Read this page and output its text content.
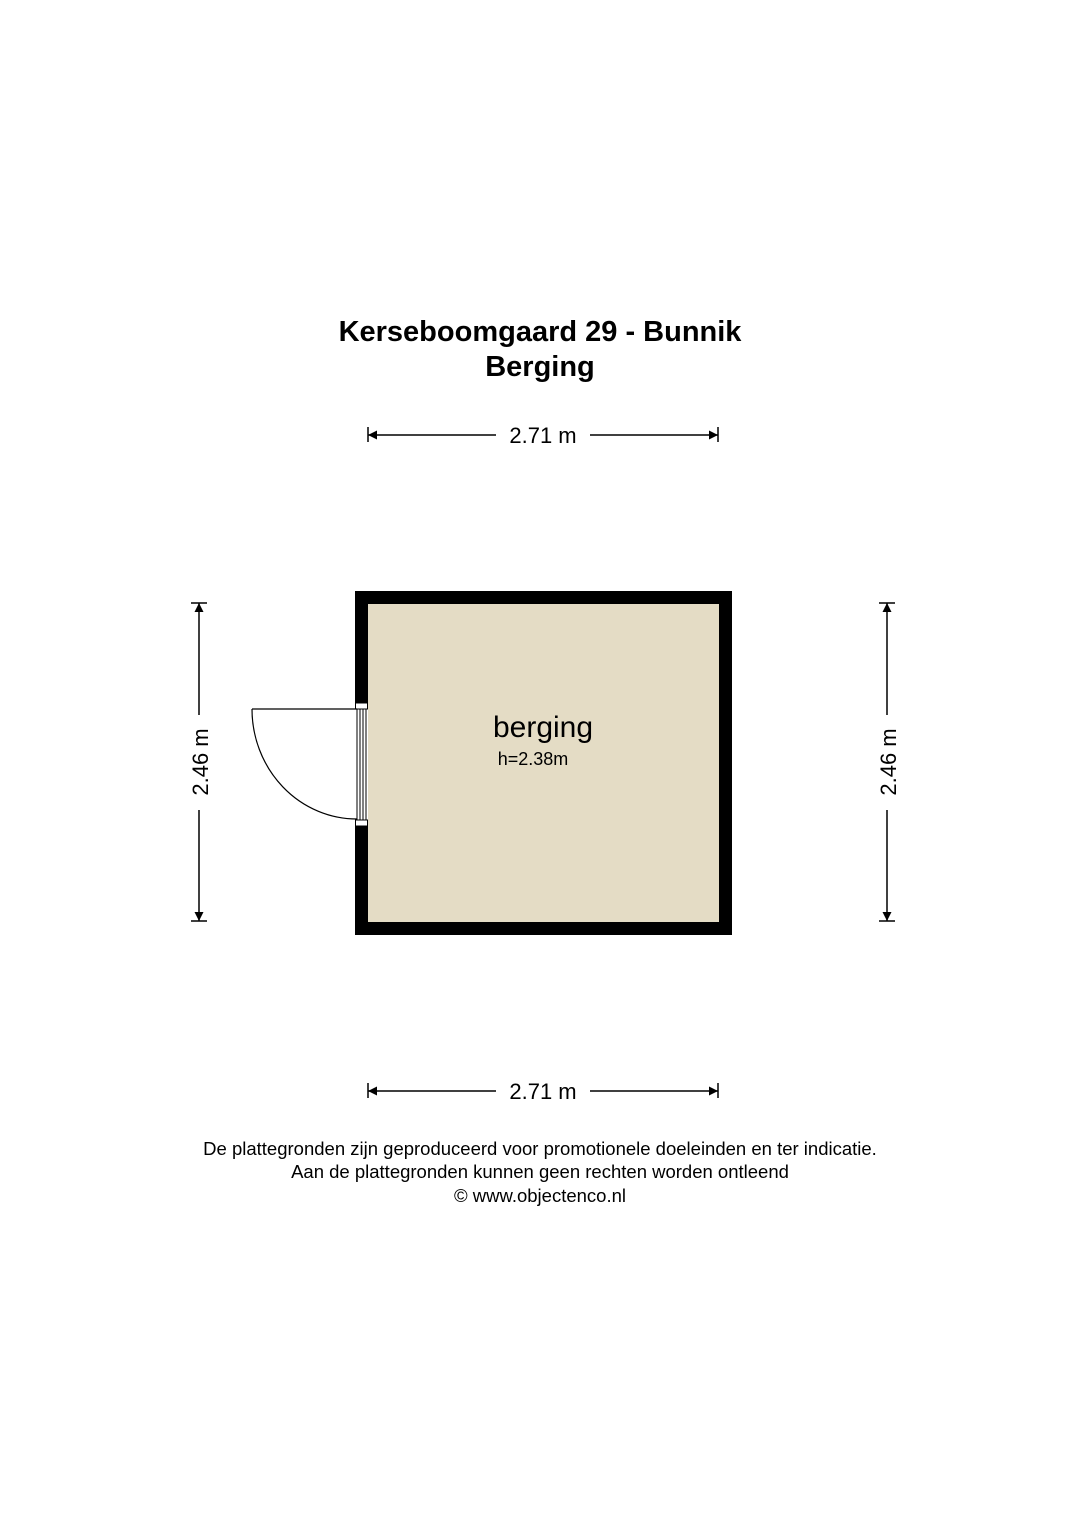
Kerseboomgaard 29 - Bunnik
Berging
2.71 m
2.71 m
2.46 m	2.46 m
berging
h=2.38m
De plattegronden zijn geproduceerd voor promotionele doeleinden en ter indicatie.
Aan de plattegronden kunnen geen rechten worden ontleend
© www.objectenco.nl
